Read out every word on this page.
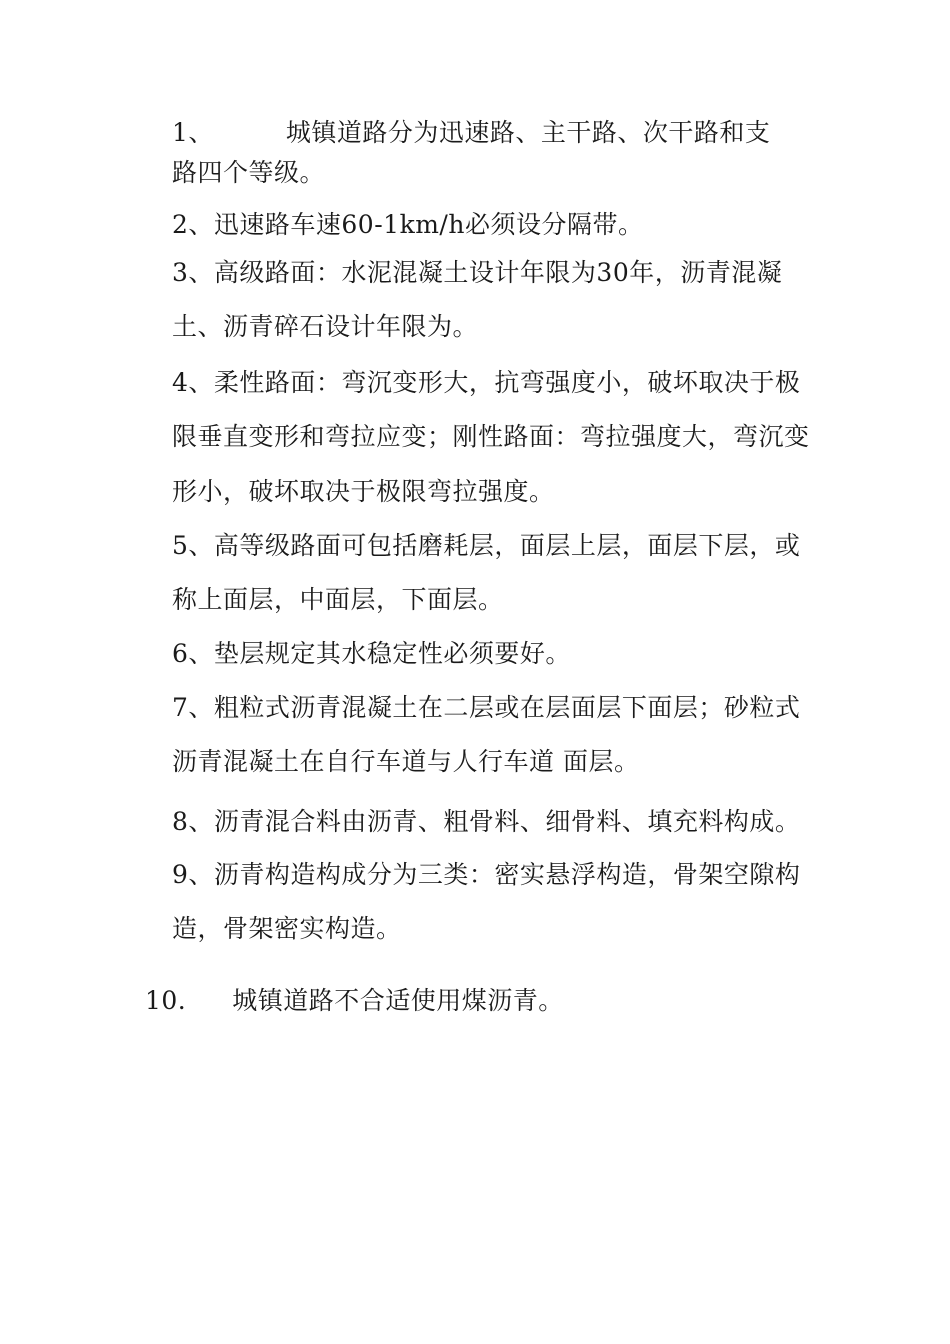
1、	城镇道路分为迅速路、主干路、次干路和支
路四个等级。
2、迅速路车速60-1km/h必须设分隔带。
3、高级路面：水泥混凝土设计年限为30年，沥青混凝
土、沥青碎石设计年限为。
4、柔性路面：弯沉变形大，抗弯强度小，破坏取决于极
限垂直变形和弯拉应变；刚性路面：弯拉强度大，弯沉变
形小，破坏取决于极限弯拉强度。
5、高等级路面可包括磨耗层，面层上层，面层下层，或
称上面层，中面层，下面层。
6、垫层规定其水稳定性必须要好。
7、粗粒式沥青混凝土在二层或在层面层下面层；砂粒式
沥青混凝土在自行车道与人行车道 面层。
8、沥青混合料由沥青、粗骨料、细骨料、填充料构成。
9、沥青构造构成分为三类：密实悬浮构造，骨架空隙构
造，骨架密实构造。
10. 城镇道路不合适使用煤沥青。
